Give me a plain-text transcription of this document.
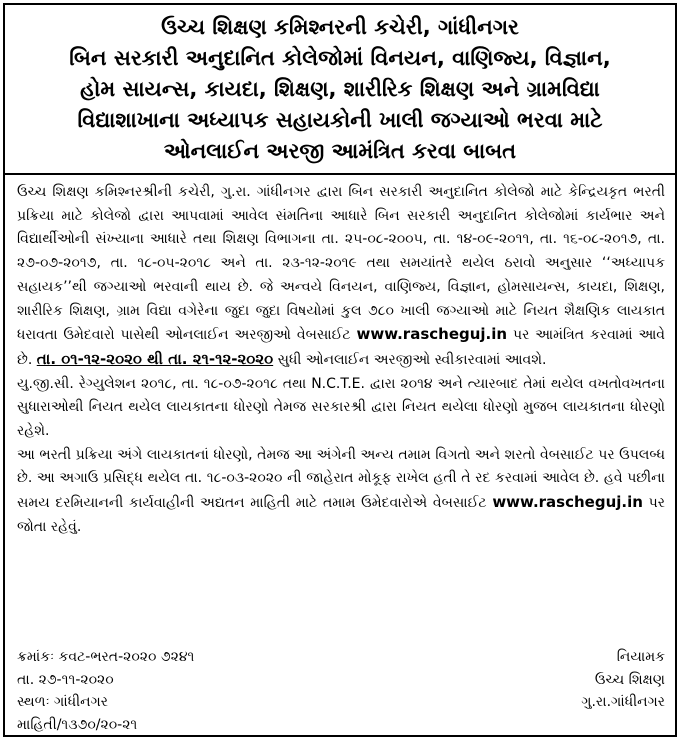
ઉચ્ચ શિક્ષણ કમિશ્નરની કચેરી, ગાંધીનગર
બિન સરકારી અનુદાનિત કોલેજોમાં વિનયન, વાણિજ્ય, વિજ્ઞાન,
હોમ સાયન્સ, કાયદા, શિક્ષણ, શારીરિક શિક્ષણ અને ગ્રામવિદ્યા
વિદ્યાશાખાના અધ્યાપક સહાયકોની ખાલી જગ્યાઓ ભરવા માટે
ઓનલાઈન અરજી આમંત્રિત કરવા બાબત

ઉચ્ચ શિક્ષણ કમિશ્નરશ્રીની કચેરી, ગુ.રા. ગાંધીનગર દ્વારા બિન સરકારી અનુદાનિત કોલેજો માટે કેન્દ્રિયકૃત ભરતી પ્રક્રિયા માટે કોલેજો દ્વારા આપવામાં આવેલ સંમતિના આધારે બિન સરકારી અનુદાનિત કોલેજોમાં કાર્યભાર અને વિદ્યાર્થીઓની સંખ્યાના આધારે તથા શિક્ષણ વિભાગના તા. ૨૫-૦૮-૨૦૦૫, તા. ૧૪-૦૯-૨૦૧૧, તા. ૧૬-૦૮-૨૦૧૭, તા. ૨૭-૦૭-૨૦૧૭, તા. ૧૮-૦૫-૨૦૧૮ અને તા. ૨૩-૧૨-૨૦૧૯ તથા સમયાંતરે થયેલ ઠરાવો અનુસાર ‘‘અધ્યાપક સહાયક’’થી જગ્યાઓ ભરવાની થાય છે. જે અન્વયે વિનયન, વાણિજ્ય, વિજ્ઞાન, હોમસાયન્સ, કાયદા, શિક્ષણ, શારીરિક શિક્ષણ, ગ્રામ વિદ્યા વગેરેના જુદા જુદા વિષયોમાં કુલ ૭૮૦ ખાલી જગ્યાઓ માટે નિયત શૈક્ષણિક લાયકાત ધરાવતા ઉમેદવારો પાસેથી ઓનલાઈન અરજીઓ વેબસાઈટ www.rascheguj.in પર આમંત્રિત કરવામાં આવે છે. તા. ૦૧-૧૨-૨૦૨૦ થી તા. ૨૧-૧૨-૨૦૨૦ સુધી ઓનલાઈન અરજીઓ સ્વીકારવામાં આવશે.

યુ.જી.સી. રેગ્યુલેશન ૨૦૧૮, તા. ૧૮-૦૭-૨૦૧૮ તથા N.C.T.E. દ્વારા ૨૦૧૪ અને ત્યારબાદ તેમાં થયેલ વખતોવખતના સુધારાઓથી નિયત થયેલ લાયકાતના ધોરણો તેમજ સરકારશ્રી દ્વારા નિયત થયેલા ધોરણો મુજબ લાયકાતના ધોરણો રહેશે.

આ ભરતી પ્રક્રિયા અંગે લાયકાતનાં ધોરણો, તેમજ આ અંગેની અન્ય તમામ વિગતો અને શરતો વેબસાઈટ પર ઉપલબ્ધ છે. આ અગાઉ પ્રસિદ્ધ થયેલ તા. ૧૮-૦૩-૨૦૨૦ ની જાહેરાત મોકૂફ રાખેલ હતી તે રદ કરવામાં આવેલ છે. હવે પછીના સમય દરમિયાનની કાર્યવાહીની અદ્યતન માહિતી માટે તમામ ઉમેદવારોએ વેબસાઈટ www.rascheguj.in પર જોતા રહેવું.

ક્રમાંકઃ કવટ-ભરત-૨૦૨૦ ૭૨૪૧	નિયામક
તા. ૨૭-૧૧-૨૦૨૦	ઉચ્ચ શિક્ષણ
સ્થળઃ ગાંધીનગર	ગુ.રા.ગાંધીનગર
માહિતી/૧૩૭૦/૨૦-૨૧
